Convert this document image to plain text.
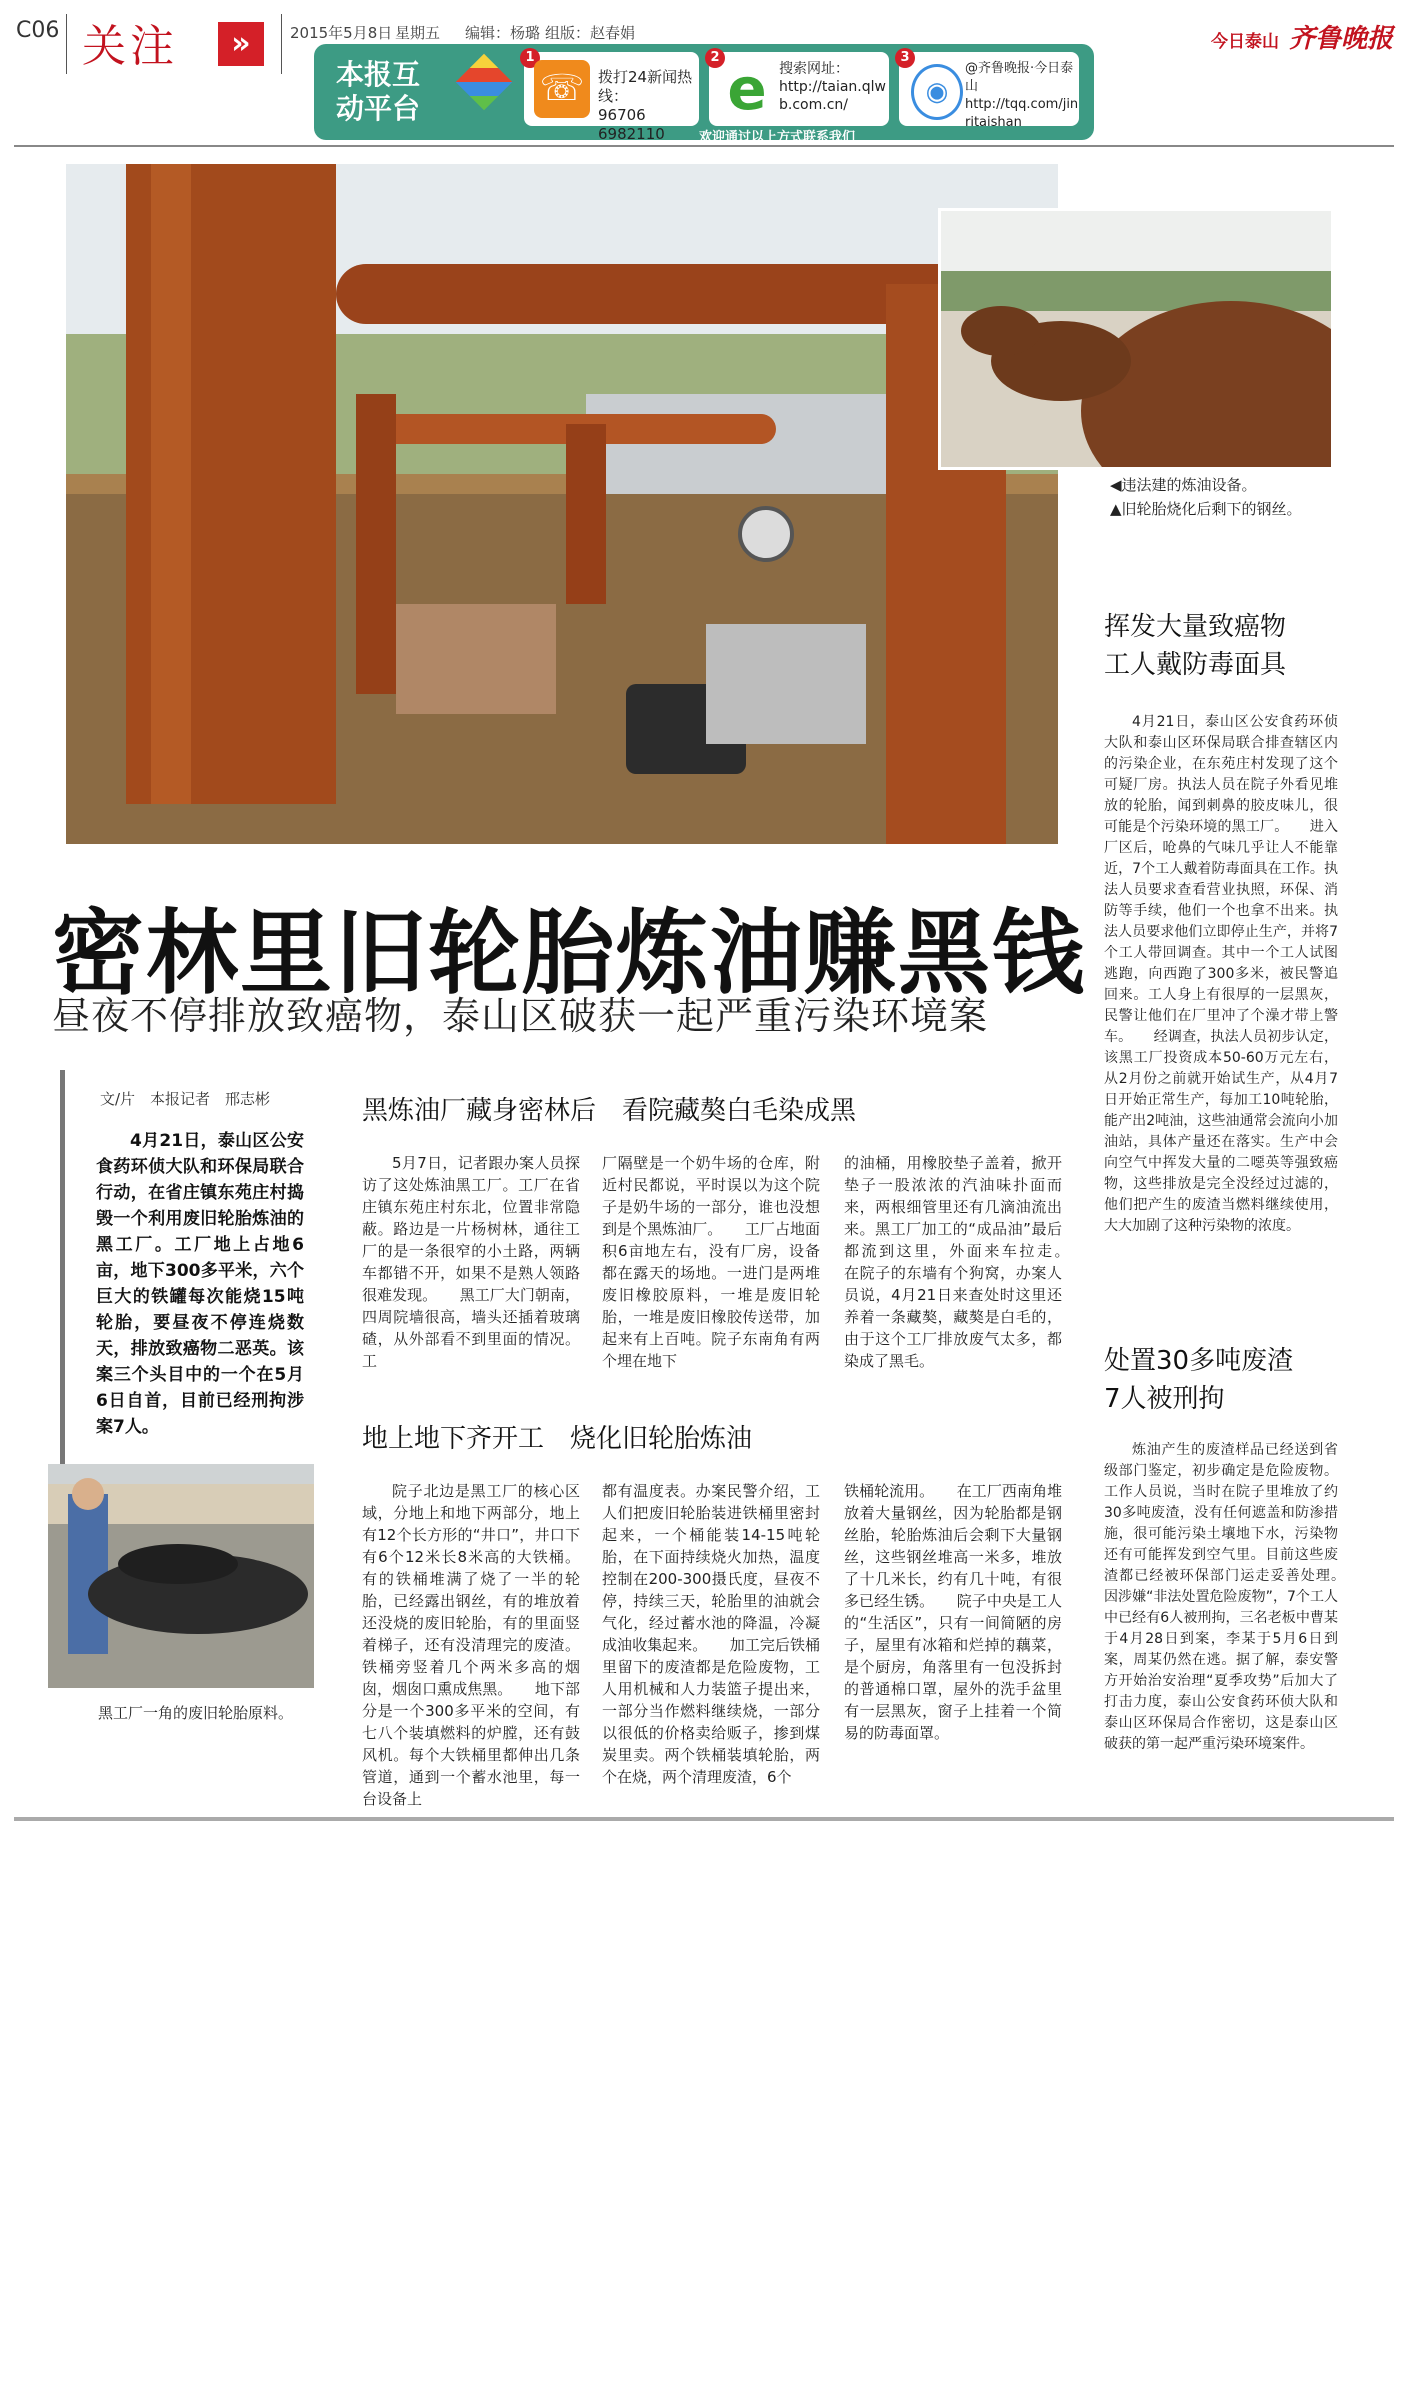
C06 关注	»	2015年5月8日 星期五 编辑：杨璐 组版：赵春娟	今日泰山 齐鲁晚报
本报互
动平台
1
☏ 拨打24新闻热线：
96706　6982110
2 e 搜索网址：
http://taian.qlw
b.com.cn/
3
◉
@齐鲁晚报·今日泰山
http://tqq.com/jin
ritaishan
欢迎通过以上方式联系我们
◀违法建的炼油设备。
▲旧轮胎烧化后剩下的钢丝。
密林里旧轮胎炼油赚黑钱
昼夜不停排放致癌物，泰山区破获一起严重污染环境案
文/片　本报记者　邢志彬
4月21日，泰山区公安食药环侦大队和环保局联合行动，在省庄镇东苑庄村捣毁一个利用废旧轮胎炼油的黑工厂。工厂地上占地6亩，地下300多平米，六个巨大的铁罐每次能烧15吨轮胎，要昼夜不停连烧数天，排放致癌物二恶英。该案三个头目中的一个在5月6日自首，目前已经刑拘涉案7人。
黑工厂一角的废旧轮胎原料。
黑炼油厂藏身密林后　看院藏獒白毛染成黑
5月7日，记者跟办案人员探访了这处炼油黑工厂。工厂在省庄镇东苑庄村东北，位置非常隐蔽。路边是一片杨树林，通往工厂的是一条很窄的小土路，两辆车都错不开，如果不是熟人领路很难发现。　　黑工厂大门朝南，四周院墙很高，墙头还插着玻璃碴，从外部看不到里面的情况。工
厂隔壁是一个奶牛场的仓库，附近村民都说，平时误以为这个院子是奶牛场的一部分，谁也没想到是个黑炼油厂。　　工厂占地面积6亩地左右，没有厂房，设备都在露天的场地。一进门是两堆废旧橡胶原料，一堆是废旧轮胎，一堆是废旧橡胶传送带，加起来有上百吨。院子东南角有两个埋在地下
的油桶，用橡胶垫子盖着，掀开垫子一股浓浓的汽油味扑面而来，两根细管里还有几滴油流出来。黑工厂加工的“成品油”最后都流到这里，外面来车拉走。　　在院子的东墙有个狗窝，办案人员说，4月21日来查处时这里还养着一条藏獒，藏獒是白毛的，由于这个工厂排放废气太多，都染成了黑毛。
地上地下齐开工　烧化旧轮胎炼油
院子北边是黑工厂的核心区域，分地上和地下两部分，地上有12个长方形的“井口”，井口下有6个12米长8米高的大铁桶。有的铁桶堆满了烧了一半的轮胎，已经露出钢丝，有的堆放着还没烧的废旧轮胎，有的里面竖着梯子，还有没清理完的废渣。铁桶旁竖着几个两米多高的烟囱，烟囱口熏成焦黑。　　地下部分是一个300多平米的空间，有七八个装填燃料的炉膛，还有鼓风机。每个大铁桶里都伸出几条管道，通到一个蓄水池里，每一台设备上
都有温度表。办案民警介绍，工人们把废旧轮胎装进铁桶里密封起来，一个桶能装14-15吨轮胎，在下面持续烧火加热，温度控制在200-300摄氏度，昼夜不停，持续三天，轮胎里的油就会气化，经过蓄水池的降温，冷凝成油收集起来。　　加工完后铁桶里留下的废渣都是危险废物，工人用机械和人力装篮子提出来，一部分当作燃料继续烧，一部分以很低的价格卖给贩子，掺到煤炭里卖。两个铁桶装填轮胎，两个在烧，两个清理废渣，6个
铁桶轮流用。　　在工厂西南角堆放着大量钢丝，因为轮胎都是钢丝胎，轮胎炼油后会剩下大量钢丝，这些钢丝堆高一米多，堆放了十几米长，约有几十吨，有很多已经生锈。　　院子中央是工人的“生活区”，只有一间简陋的房子，屋里有冰箱和烂掉的藕菜，是个厨房，角落里有一包没拆封的普通棉口罩，屋外的洗手盆里有一层黑灰，窗子上挂着一个简易的防毒面罩。
挥发大量致癌物
工人戴防毒面具
4月21日，泰山区公安食药环侦大队和泰山区环保局联合排查辖区内的污染企业，在东苑庄村发现了这个可疑厂房。执法人员在院子外看见堆放的轮胎，闻到刺鼻的胶皮味儿，很可能是个污染环境的黑工厂。　　进入厂区后，呛鼻的气味几乎让人不能靠近，7个工人戴着防毒面具在工作。执法人员要求查看营业执照，环保、消防等手续，他们一个也拿不出来。执法人员要求他们立即停止生产，并将7个工人带回调查。其中一个工人试图逃跑，向西跑了300多米，被民警追回来。工人身上有很厚的一层黑灰，民警让他们在厂里冲了个澡才带上警车。　　经调查，执法人员初步认定，该黑工厂投资成本50-60万元左右，从2月份之前就开始试生产，从4月7日开始正常生产，每加工10吨轮胎，能产出2吨油，这些油通常会流向小加油站，具体产量还在落实。生产中会向空气中挥发大量的二噁英等强致癌物，这些排放是完全没经过过滤的，他们把产生的废渣当燃料继续使用，大大加剧了这种污染物的浓度。
处置30多吨废渣
7人被刑拘
炼油产生的废渣样品已经送到省级部门鉴定，初步确定是危险废物。工作人员说，当时在院子里堆放了约30多吨废渣，没有任何遮盖和防渗措施，很可能污染土壤地下水，污染物还有可能挥发到空气里。目前这些废渣都已经被环保部门运走妥善处理。　　因涉嫌“非法处置危险废物”，7个工人中已经有6人被刑拘，三名老板中曹某于4月28日到案，李某于5月6日到案，周某仍然在逃。据了解，泰安警方开始治安治理“夏季攻势”后加大了打击力度，泰山公安食药环侦大队和泰山区环保局合作密切，这是泰山区破获的第一起严重污染环境案件。
